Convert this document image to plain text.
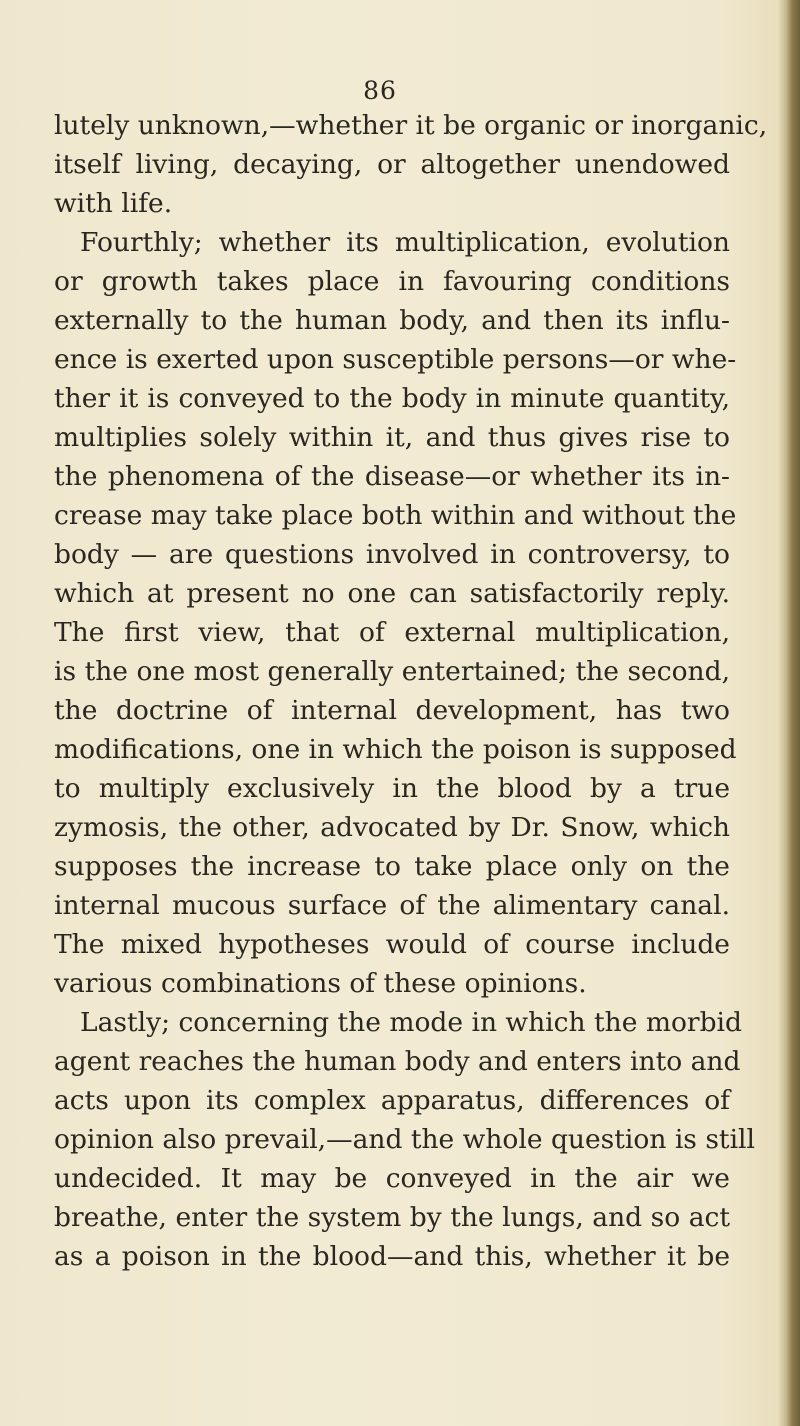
86
lutely unknown,—whether it be organic or inorganic,
itself living, decaying, or altogether unendowed
with life.
Fourthly; whether its multiplication, evolution
or growth takes place in favouring conditions
externally to the human body, and then its influ-
ence is exerted upon susceptible persons—or whe-
ther it is conveyed to the body in minute quantity,
multiplies solely within it, and thus gives rise to
the phenomena of the disease—or whether its in-
crease may take place both within and without the
body — are questions involved in controversy, to
which at present no one can satisfactorily reply.
The first view, that of external multiplication,
is the one most generally entertained; the second,
the doctrine of internal development, has two
modifications, one in which the poison is supposed
to multiply exclusively in the blood by a true
zymosis, the other, advocated by Dr. Snow, which
supposes the increase to take place only on the
internal mucous surface of the alimentary canal.
The mixed hypotheses would of course include
various combinations of these opinions.
Lastly; concerning the mode in which the morbid
agent reaches the human body and enters into and
acts upon its complex apparatus, differences of
opinion also prevail,—and the whole question is still
undecided. It may be conveyed in the air we
breathe, enter the system by the lungs, and so act
as a poison in the blood—and this, whether it be
